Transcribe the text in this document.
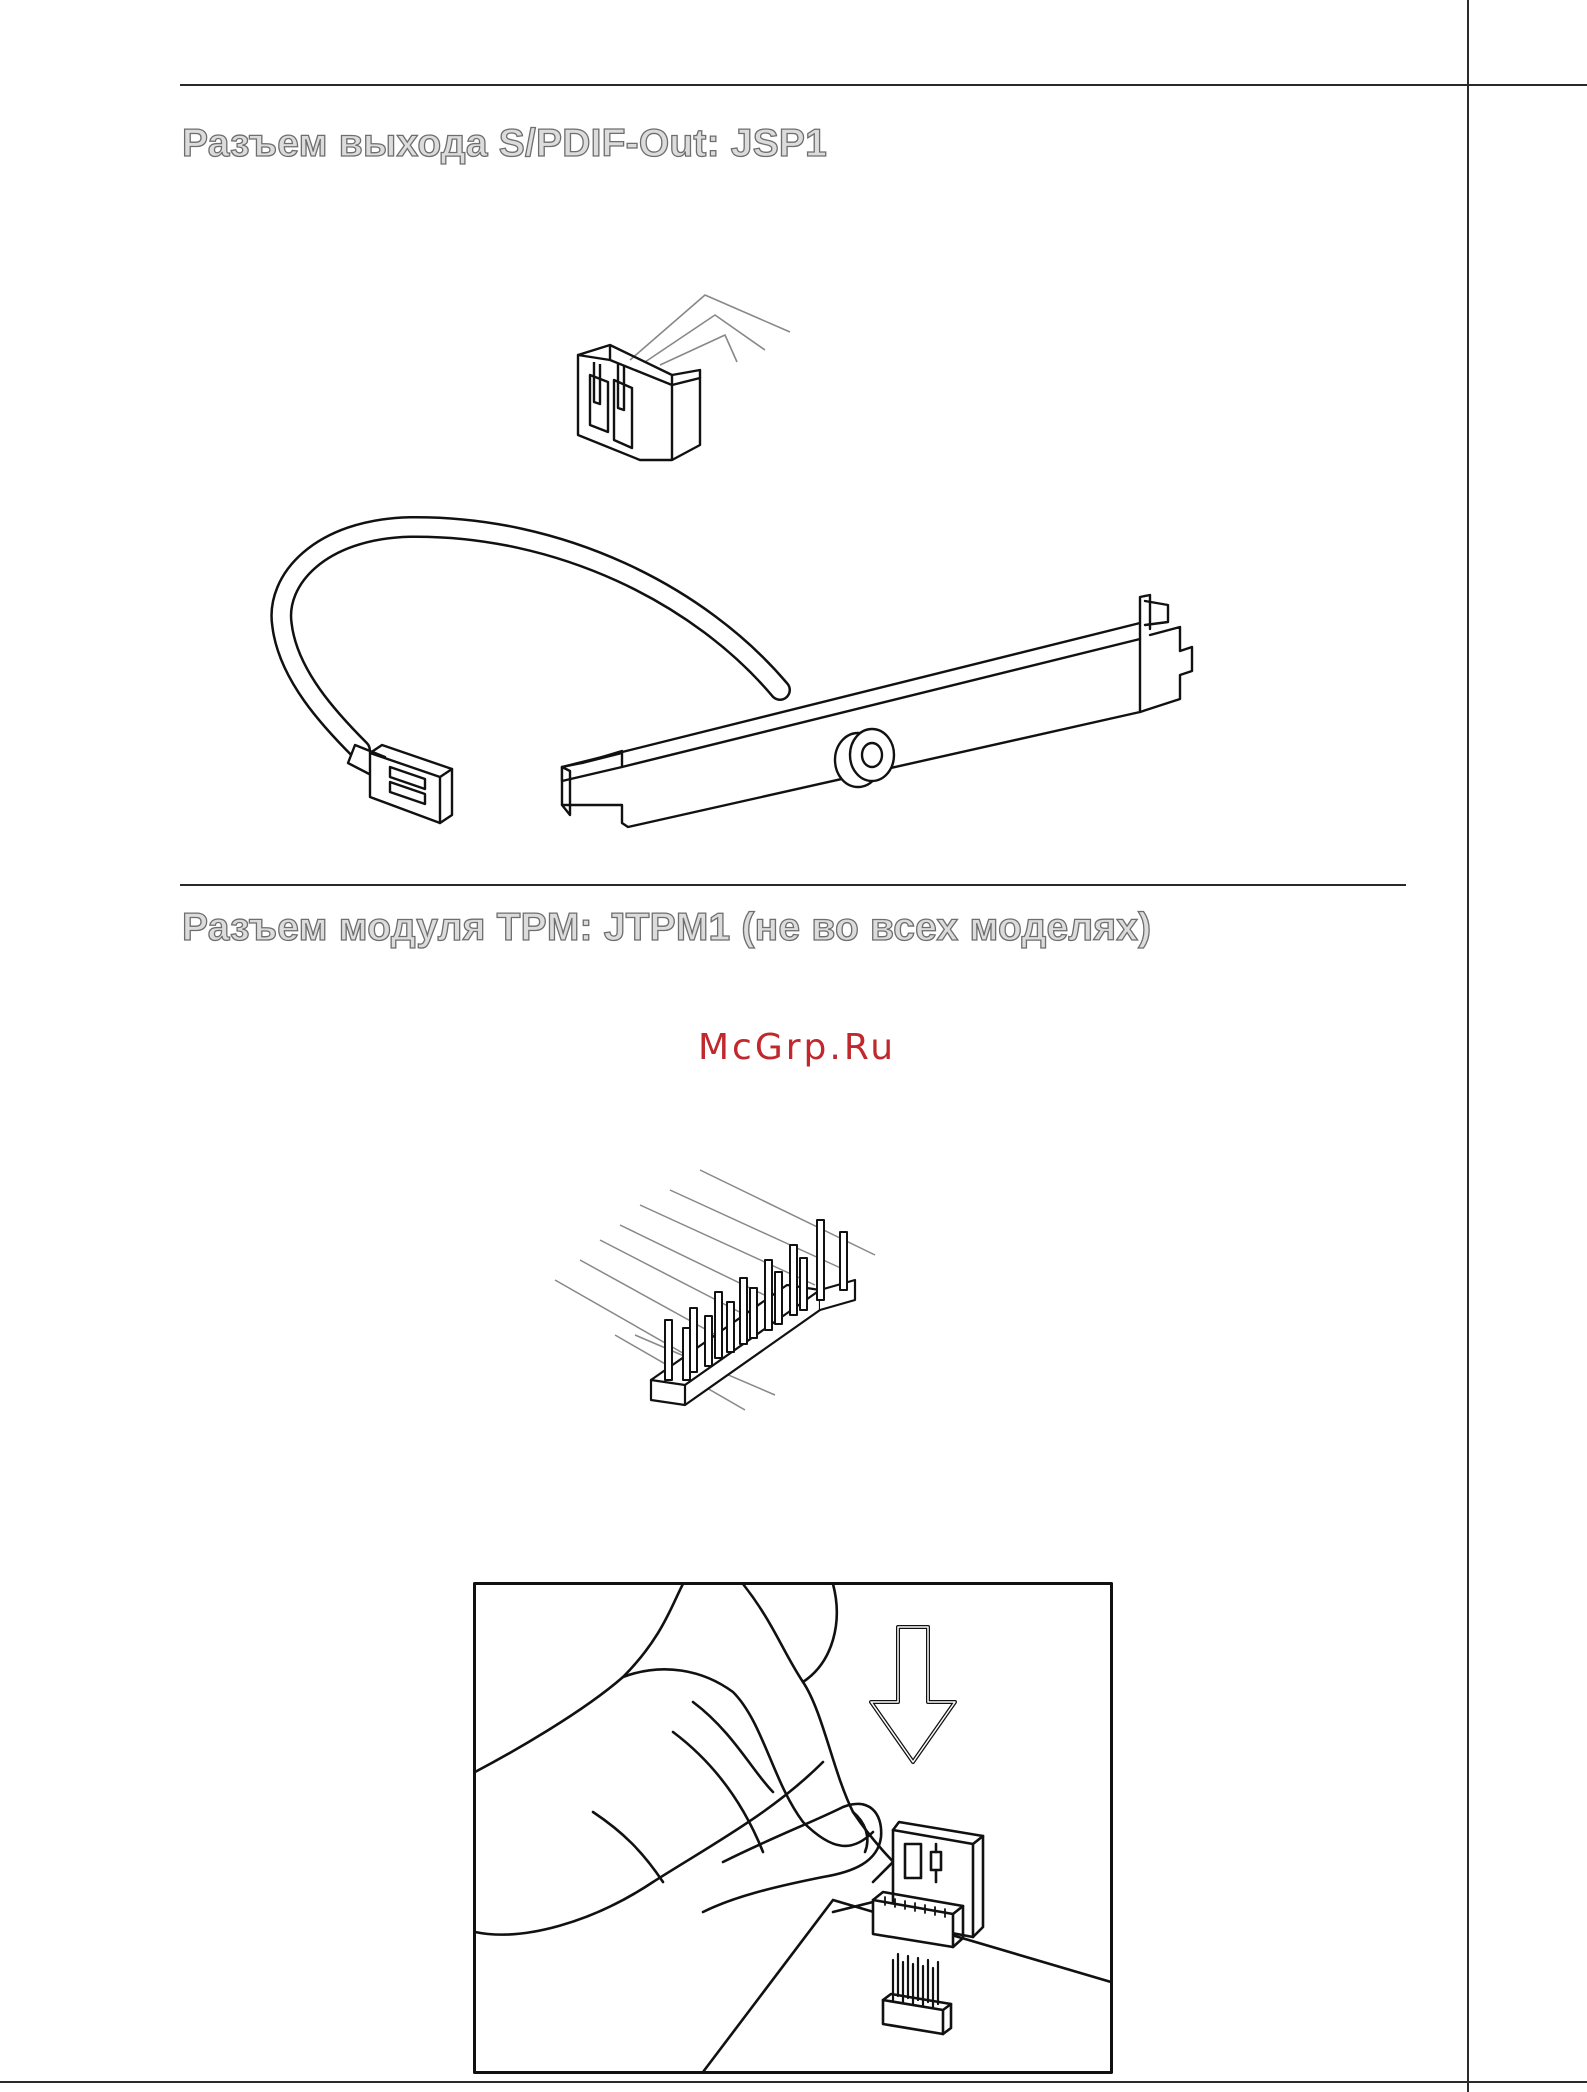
Разъем выхода S/PDIF-Out: JSP1
Разъем модуля TPM: JTPM1 (не во всех моделях)
McGrp.Ru
